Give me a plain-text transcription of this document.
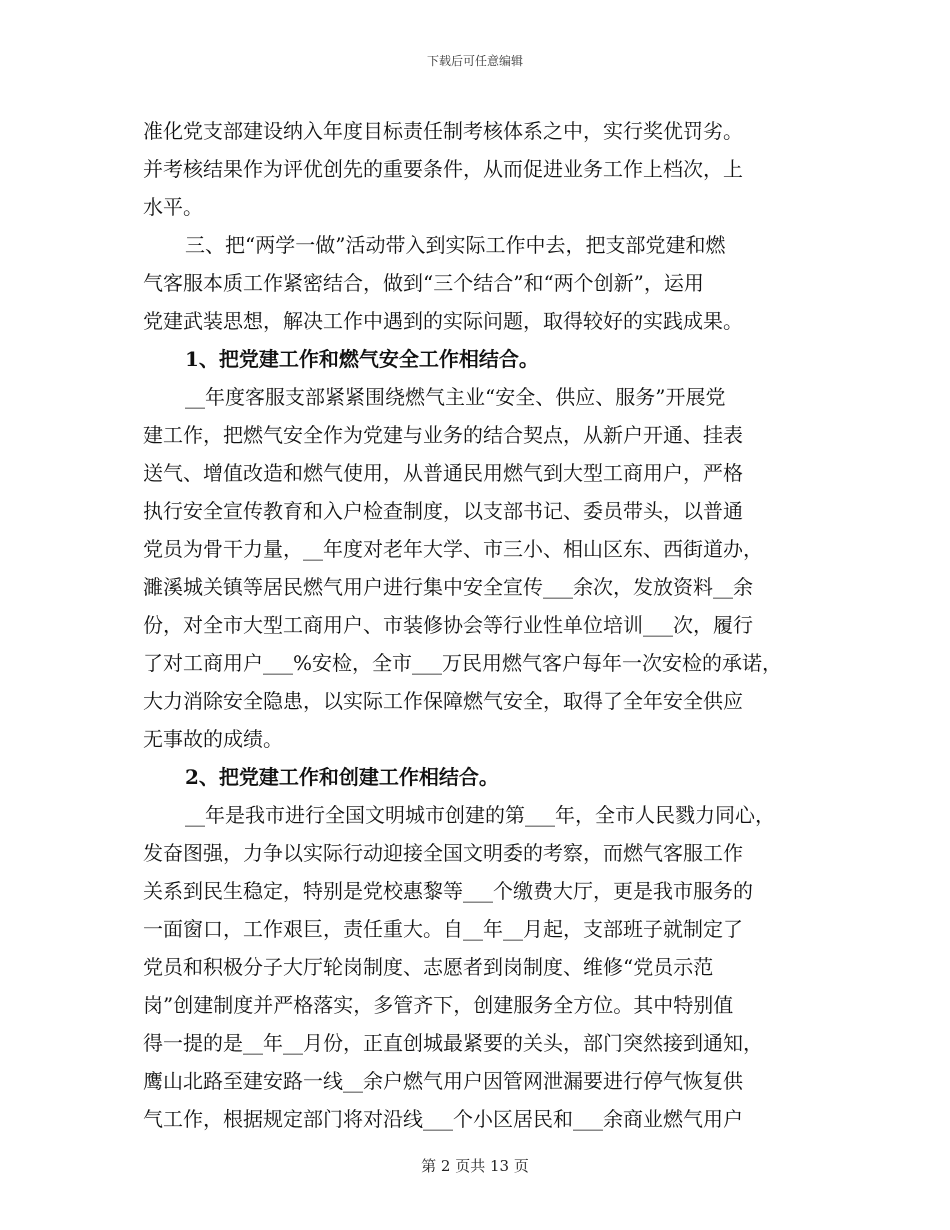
下载后可任意编辑
准化党支部建设纳入年度目标责任制考核体系之中，实行奖优罚劣。
并考核结果作为评优创先的重要条件，从而促进业务工作上档次，上
水平。
三、把“两学一做”活动带入到实际工作中去，把支部党建和燃
气客服本质工作紧密结合，做到“三个结合”和“两个创新”，运用
党建武装思想，解决工作中遇到的实际问题，取得较好的实践成果。
1、把党建工作和燃气安全工作相结合。
__年度客服支部紧紧围绕燃气主业“安全、供应、服务”开展党
建工作，把燃气安全作为党建与业务的结合契点，从新户开通、挂表
送气、增值改造和燃气使用，从普通民用燃气到大型工商用户，严格
执行安全宣传教育和入户检查制度，以支部书记、委员带头，以普通
党员为骨干力量，__年度对老年大学、市三小、相山区东、西街道办，
濉溪城关镇等居民燃气用户进行集中安全宣传___余次，发放资料__余
份，对全市大型工商用户、市装修协会等行业性单位培训___次，履行
了对工商用户___%安检，全市___万民用燃气客户每年一次安检的承诺，
大力消除安全隐患，以实际工作保障燃气安全，取得了全年安全供应
无事故的成绩。
2、把党建工作和创建工作相结合。
__年是我市进行全国文明城市创建的第___年，全市人民戮力同心，
发奋图强，力争以实际行动迎接全国文明委的考察，而燃气客服工作
关系到民生稳定，特别是党校惠黎等___个缴费大厅，更是我市服务的
一面窗口，工作艰巨，责任重大。自__年__月起，支部班子就制定了
党员和积极分子大厅轮岗制度、志愿者到岗制度、维修“党员示范
岗”创建制度并严格落实，多管齐下，创建服务全方位。其中特别值
得一提的是__年__月份，正直创城最紧要的关头，部门突然接到通知，
鹰山北路至建安路一线__余户燃气用户因管网泄漏要进行停气恢复供
气工作，根据规定部门将对沿线___个小区居民和___余商业燃气用户
第 2 页共 13 页
